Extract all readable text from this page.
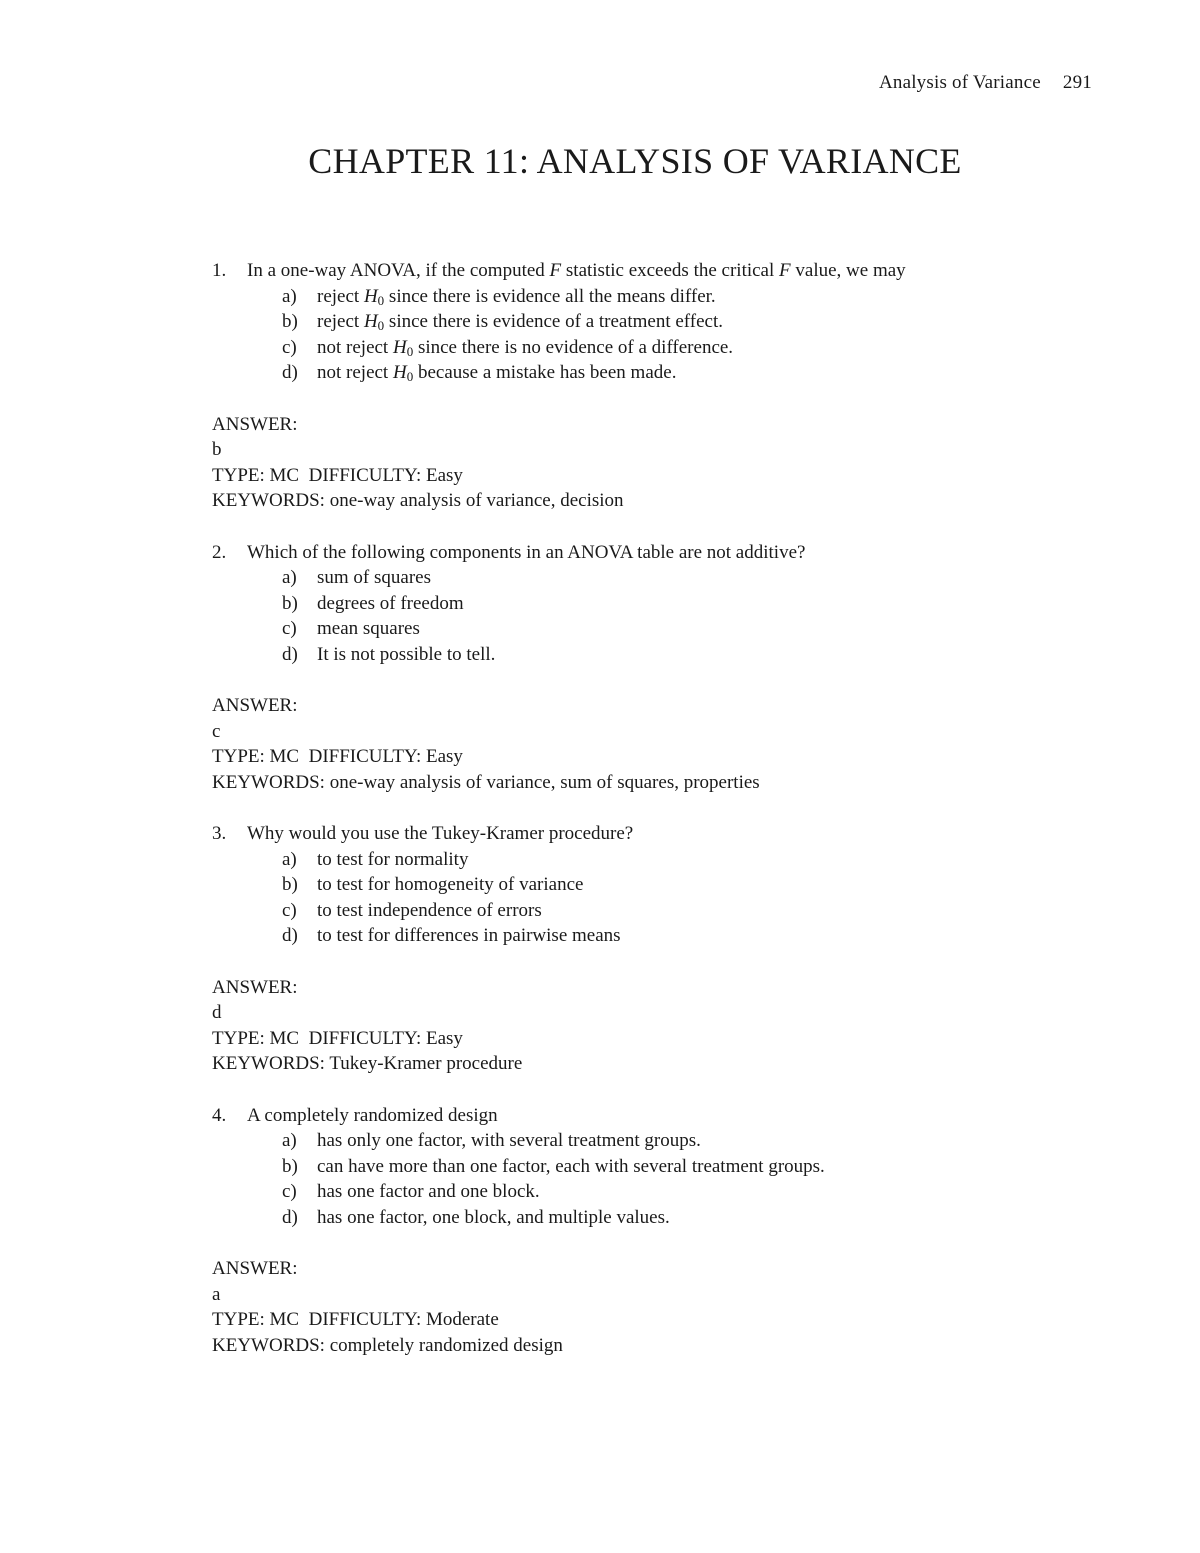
Analysis of Variance 291
CHAPTER 11: ANALYSIS OF VARIANCE
1. In a one-way ANOVA, if the computed F statistic exceeds the critical F value, we may
a) reject $H_0$ since there is evidence all the means differ.
b) reject $H_0$ since there is evidence of a treatment effect.
c) not reject $H_0$ since there is no evidence of a difference.
d) not reject $H_0$ because a mistake has been made.
ANSWER:
b
TYPE: MC  DIFFICULTY: Easy
KEYWORDS: one-way analysis of variance, decision
2. Which of the following components in an ANOVA table are not additive?
a) sum of squares
b) degrees of freedom
c) mean squares
d) It is not possible to tell.
ANSWER:
c
TYPE: MC  DIFFICULTY: Easy
KEYWORDS: one-way analysis of variance, sum of squares, properties
3. Why would you use the Tukey-Kramer procedure?
a) to test for normality
b) to test for homogeneity of variance
c) to test independence of errors
d) to test for differences in pairwise means
ANSWER:
d
TYPE: MC  DIFFICULTY: Easy
KEYWORDS: Tukey-Kramer procedure
4. A completely randomized design
a) has only one factor, with several treatment groups.
b) can have more than one factor, each with several treatment groups.
c) has one factor and one block.
d) has one factor, one block, and multiple values.
ANSWER:
a
TYPE: MC  DIFFICULTY: Moderate
KEYWORDS: completely randomized design
